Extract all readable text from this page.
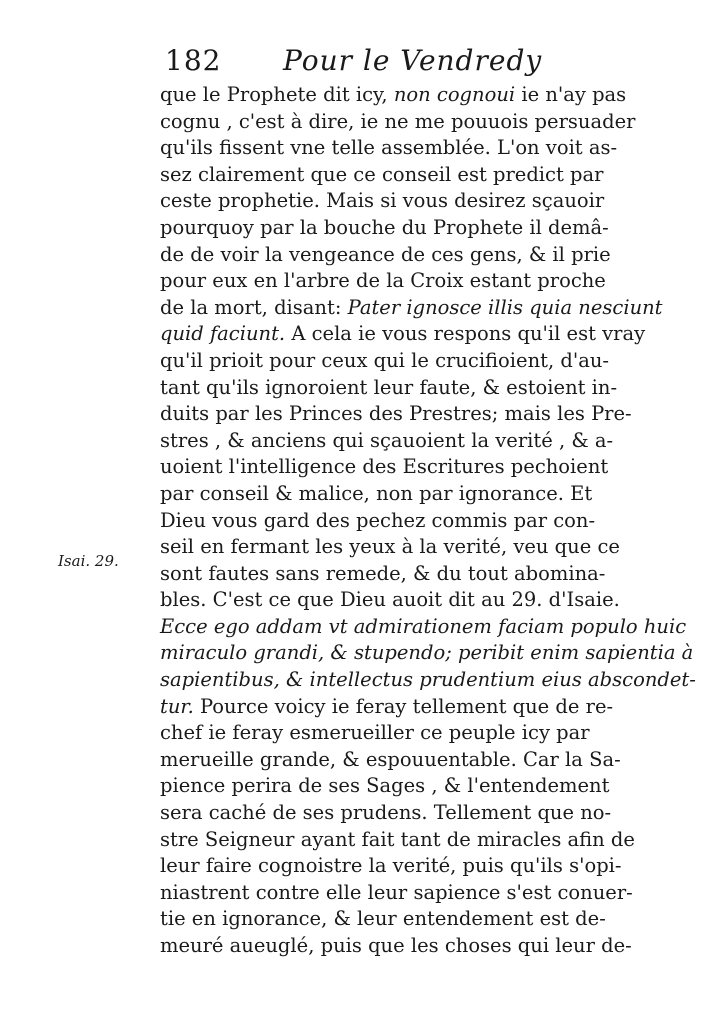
182 Pour le Vendredy
Isai. 29.
que le Prophete dit icy, non cognoui ie n'ay pas
cognu , c'est à dire, ie ne me pouuois persuader
qu'ils fissent vne telle assemblée. L'on voit as-
sez clairement que ce conseil est predict par
ceste prophetie. Mais si vous desirez sçauoir
pourquoy par la bouche du Prophete il demâ-
de de voir la vengeance de ces gens, & il prie
pour eux en l'arbre de la Croix estant proche
de la mort, disant: Pater ignosce illis quia nesciunt
quid faciunt. A cela ie vous respons qu'il est vray
qu'il prioit pour ceux qui le crucifioient, d'au-
tant qu'ils ignoroient leur faute, & estoient in-
duits par les Princes des Prestres; mais les Pre-
stres , & anciens qui sçauoient la verité , & a-
uoient l'intelligence des Escritures pechoient
par conseil & malice, non par ignorance. Et
Dieu vous gard des pechez commis par con-
seil en fermant les yeux à la verité, veu que ce
sont fautes sans remede, & du tout abomina-
bles. C'est ce que Dieu auoit dit au 29. d'Isaie.
Ecce ego addam vt admirationem faciam populo huic
miraculo grandi, & stupendo; peribit enim sapientia à
sapientibus, & intellectus prudentium eius abscondet-
tur. Pource voicy ie feray tellement que de re-
chef ie feray esmerueiller ce peuple icy par
merueille grande, & espouuentable. Car la Sa-
pience perira de ses Sages , & l'entendement
sera caché de ses prudens. Tellement que no-
stre Seigneur ayant fait tant de miracles afin de
leur faire cognoistre la verité, puis qu'ils s'opi-
niastrent contre elle leur sapience s'est conuer-
tie en ignorance, & leur entendement est de-
meuré aueuglé, puis que les choses qui leur de-
